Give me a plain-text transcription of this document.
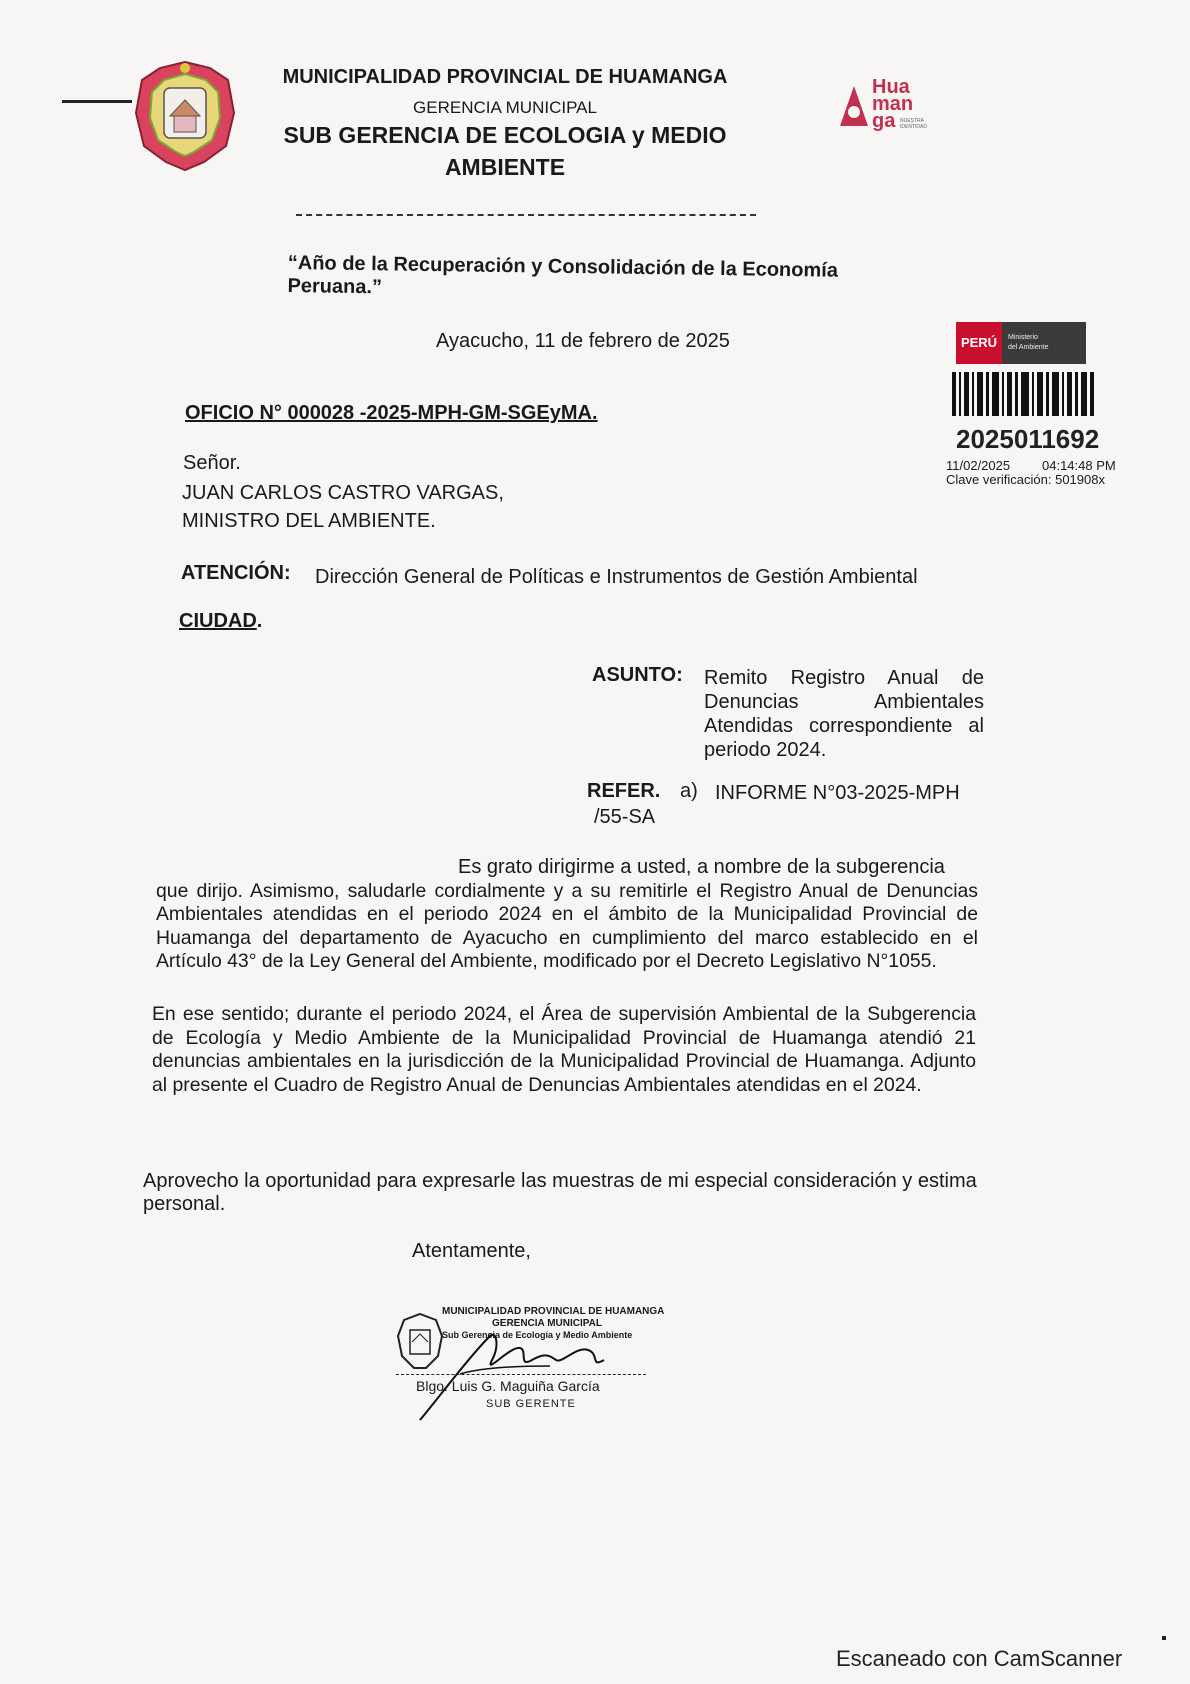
MUNICIPALIDAD PROVINCIAL DE HUAMANGA
GERENCIA MUNICIPAL
SUB GERENCIA DE ECOLOGIA y MEDIO
AMBIENTE
Hua
man
ga NUESTRA IDENTIDAD
“Año de la Recuperación y Consolidación de la Economía Peruana.”
Ayacucho, 11 de febrero de 2025	PERÚ	Ministerio
del Ambiente
2025011692
11/02/2025 04:14:48 PM
Clave verificación: 501908x
OFICIO N° 000028 -2025-MPH-GM-SGEyMA.
Señor.
JUAN CARLOS CASTRO VARGAS,
MINISTRO DEL AMBIENTE.
ATENCIÓN: Dirección General de Políticas e Instrumentos de Gestión Ambiental
CIUDAD.
ASUNTO: Remito Registro Anual de

Denuncias Ambientales

Atendidas correspondiente al

periodo 2024.

REFER. a) INFORME N°03-2025-MPH
/55-SA
Es grato dirigirme a usted, a nombre de la subgerencia

que dirijo. Asimismo, saludarle cordialmente y a su remitirle el Registro Anual de Denuncias Ambientales atendidas en el periodo 2024 en el ámbito de la Municipalidad Provincial de Huamanga del departamento de Ayacucho en cumplimiento del marco establecido en el Artículo 43° de la Ley General del Ambiente, modificado por el Decreto Legislativo N°1055.

En ese sentido; durante el periodo 2024, el Área de supervisión Ambiental de la Subgerencia de Ecología y Medio Ambiente de la Municipalidad Provincial de Huamanga atendió 21 denuncias ambientales en la jurisdicción de la Municipalidad Provincial de Huamanga. Adjunto al presente el Cuadro de Registro Anual de Denuncias Ambientales atendidas en el 2024.

Aprovecho la oportunidad para expresarle las muestras de mi especial consideración y estima personal.

Atentamente,
MUNICIPALIDAD PROVINCIAL DE HUAMANGA
GERENCIA MUNICIPAL
Sub Gerencia de Ecología y Medio Ambiente
Blgo. Luis G. Maguiña García
SUB GERENTE
Escaneado con CamScanner
